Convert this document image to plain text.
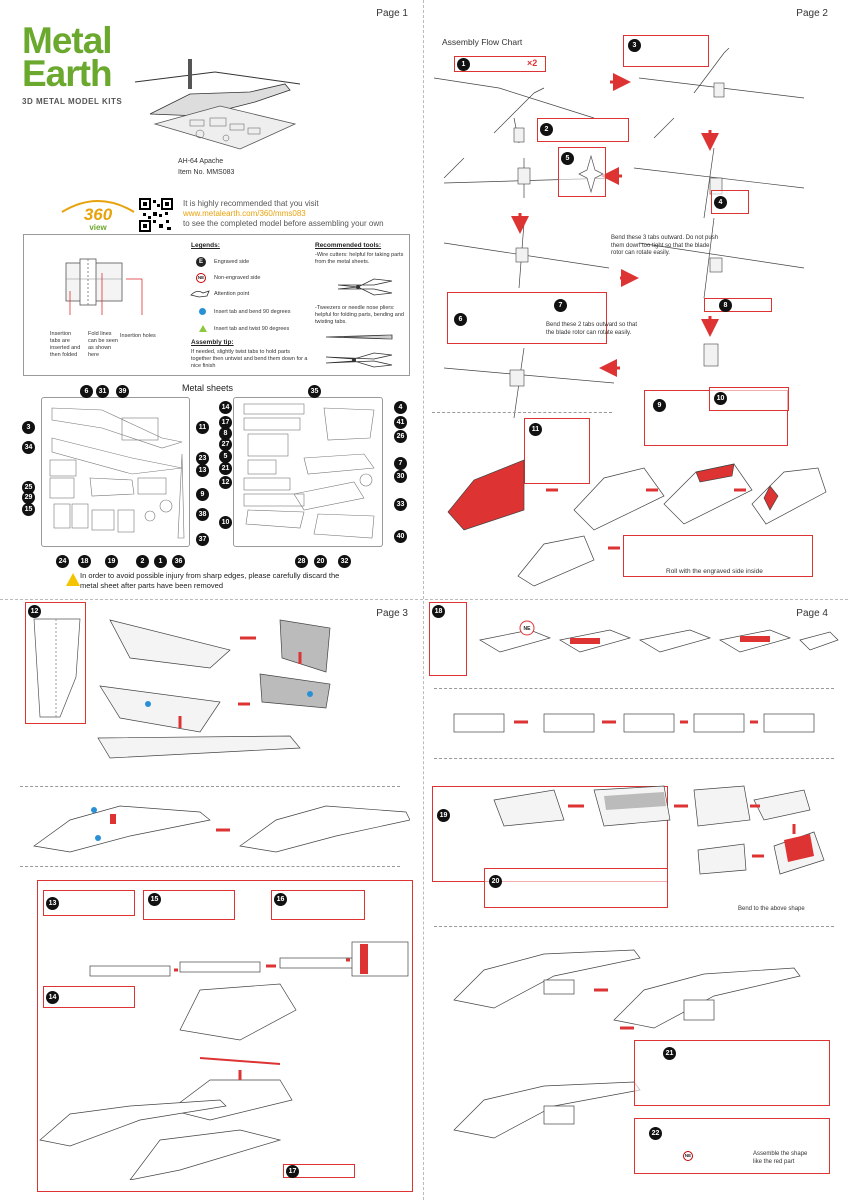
Page 1
Metal
Earth
3D METAL MODEL KITS
AH-64 Apache
Item No. MMS083
360
view
It is highly recommended that you visit
www.metalearth.com/360/mms083
to see the completed model before assembling your own
Insertion tabs are inserted and then folded
Fold lines can be seen as shown here
Insertion holes
Legends:
E	Engraved side
NE	Non-engraved side
Attention point
Insert tab and bend 90 degrees
Insert tab and twist 90 degrees
Assembly tip:
If needed, slightly twist tabs to hold parts together then untwist and bend them down for a nice finish
Recommended tools:
-Wire cutters: helpful for taking parts from the metal sheets.
-Tweezers or needle nose pliers: helpful for folding parts, bending and twisting tabs.
Metal sheets
3
34
25
29
15
24	18	19	2	1	36
6	31	39
11
23
13
9
38
37
14
17
8
27
5
21
12
10
35
4
41
26
7
30
33
40
28	20	32
In order to avoid possible injury from sharp edges, please carefully discard the metal sheet after parts have been removed
Page 2
Assembly Flow Chart
1	×2
2
3
4
5
Bend these 3 tabs outward. Do not push them down too tight so that the blade rotor can rotate easily.
6
7
Bend these 2 tabs outward so that the blade rotor can rotate easily.
8
9
10
11
Roll with the engraved side inside
Page 3
12
13
14
15	16
17
Page 4
18
NE
19
20
Bend to the above shape
21
22
Assemble the shape like the red part
NE
